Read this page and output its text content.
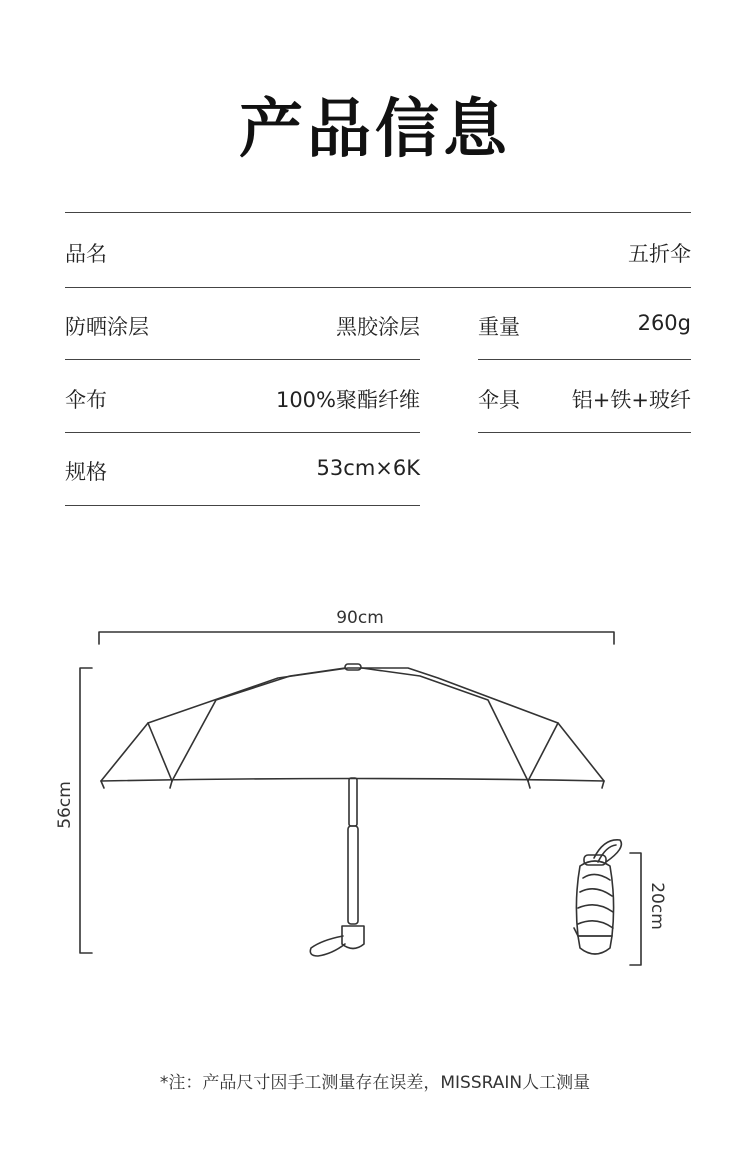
产品信息
品名	五折伞
防晒涂层	黑胶涂层	重量	260g
伞布	100%聚酯纤维	伞具 铝+铁+玻纤
规格	53cm×6K
90cm
56cm
20cm
*注：产品尺寸因手工测量存在误差，MISSRAIN人工测量
